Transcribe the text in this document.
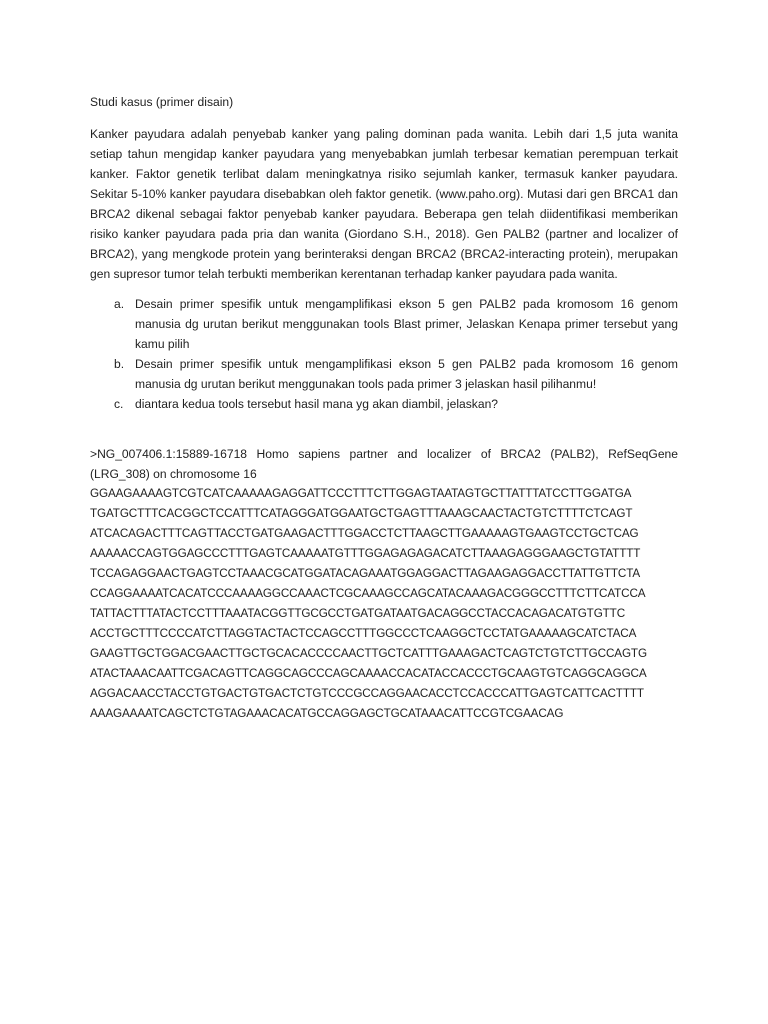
Studi kasus (primer disain)
Kanker payudara adalah penyebab kanker yang paling dominan pada wanita. Lebih dari 1,5 juta wanita setiap tahun mengidap kanker payudara yang menyebabkan jumlah terbesar kematian perempuan terkait kanker. Faktor genetik terlibat dalam meningkatnya risiko sejumlah kanker, termasuk kanker payudara. Sekitar 5-10% kanker payudara disebabkan oleh faktor genetik. (www.paho.org). Mutasi dari gen BRCA1 dan BRCA2 dikenal sebagai faktor penyebab kanker payudara. Beberapa gen telah diidentifikasi memberikan risiko kanker payudara pada pria dan wanita (Giordano S.H., 2018). Gen PALB2 (partner and localizer of BRCA2), yang mengkode protein yang berinteraksi dengan BRCA2 (BRCA2-interacting protein), merupakan gen supresor tumor telah terbukti memberikan kerentanan terhadap kanker payudara pada wanita.
a. Desain primer spesifik untuk mengamplifikasi ekson 5 gen PALB2 pada kromosom 16 genom manusia dg urutan berikut menggunakan tools Blast primer, Jelaskan Kenapa primer tersebut yang kamu pilih
b. Desain primer spesifik untuk mengamplifikasi ekson 5 gen PALB2 pada kromosom 16 genom manusia dg urutan berikut menggunakan tools pada primer 3 jelaskan hasil pilihanmu!
c. diantara kedua tools tersebut hasil mana yg akan diambil, jelaskan?
>NG_007406.1:15889-16718 Homo sapiens partner and localizer of BRCA2 (PALB2), RefSeqGene (LRG_308) on chromosome 16
GGAAGAAAAGTCGTCATCAAAAAGAGGATTCCCTTTCTTGGAGTAATAGTGCTTATTTATCCTTGGATGA
TGATGCTTTCACGGCTCCATTTCATAGGGATGGAATGCTGAGTTTAAAGCAACTACTGTCTTTTCTCAGT
ATCACAGACTTTCAGTTACCTGATGAAGACTTTGGACCTCTTAAGCTTGAAAAAGTGAAGTCCTGCTCAG
AAAAACCAGTGGAGCCCTTTGAGTCAAAAATGTTTGGAGAGAGACATCTTAAAGAGGGAAGCTGTATTTT
TCCAGAGGAACTGAGTCCTAAACGCATGGATACAGAAATGGAGGACTTAGAAGAGGACCTTATTGTTCTA
CCAGGAAAATCACATCCCAAAAGGCCAAACTCGCAAAGCCAGCATACAAAGACGGGCCTTTCTTCATCCA
TATTACTTTATACTCCTTTAAATACGGTTGCGCCTGATGATAATGACAGGCCTACCACAGACATGTGTTC
ACCTGCTTTCCCCATCTTAGGTACTACTCCAGCCTTTGGCCCTCAAGGCTCCTATGAAAAAGCATCTACA
GAAGTTGCTGGACGAACTTGCTGCACACCCCAACTTGCTCATTTGAAAGACTCAGTCTGTCTTGCCAGTG
ATACTAAACAATTCGACAGTTCAGGCAGCCCAGCAAAACCACATACCACCCTGCAAGTGTCAGGCAGGCA
AGGACAACCTACCTGTGACTGTGACTCTGTCCCGCCAGGAACACCTCCACCCATTGAGTCATTCACTTTT
AAAGAAAATCAGCTCTGTAGAAACACATGCCAGGAGCTGCATAAACATTCCGTCGAACAG
